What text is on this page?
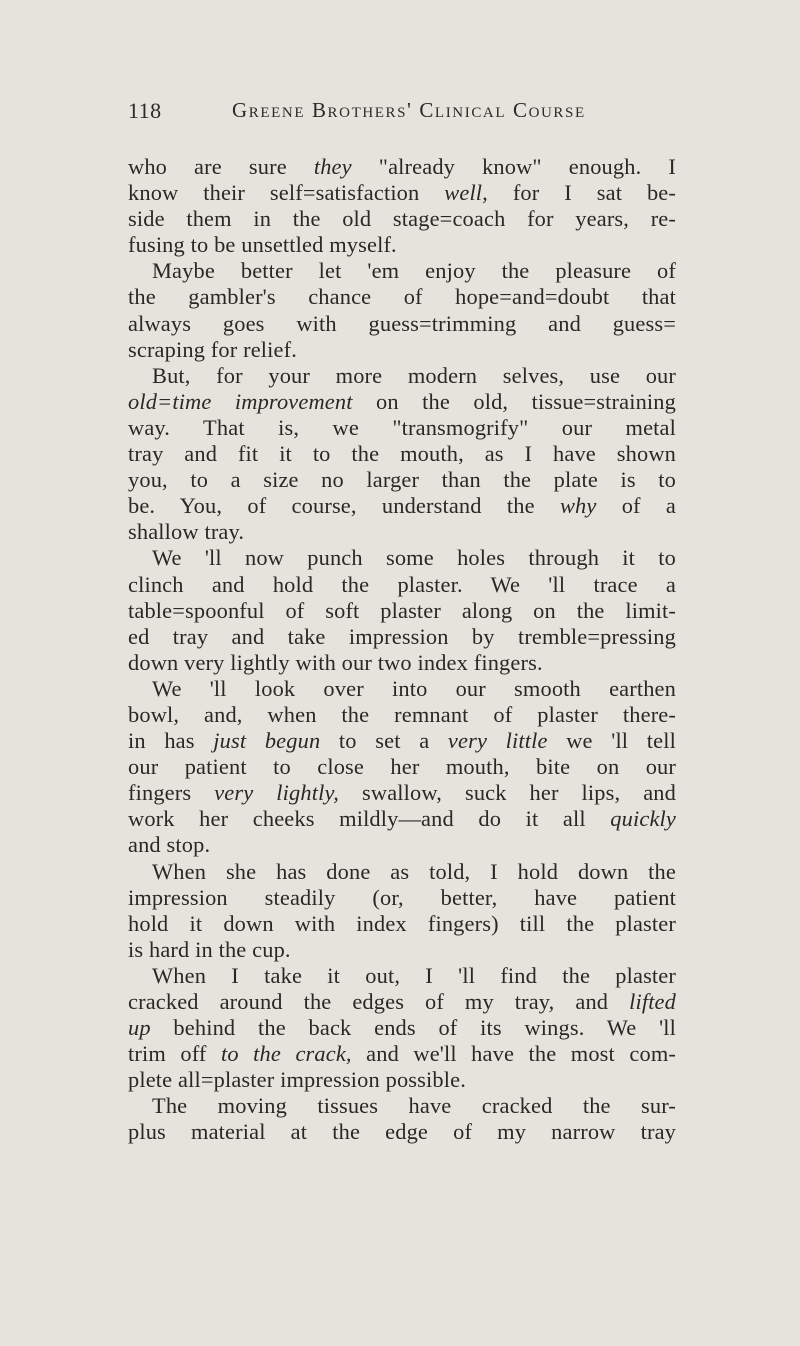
118	Greene Brothers' Clinical Course
who are sure they "already know" enough. I
know their self=satisfaction well, for I sat be-
side them in the old stage=coach for years, re-
fusing to be unsettled myself.
Maybe better let 'em enjoy the pleasure of
the gambler's chance of hope=and=doubt that
always goes with guess=trimming and guess=
scraping for relief.
But, for your more modern selves, use our
old=time improvement on the old, tissue=straining
way. That is, we "transmogrify" our metal
tray and fit it to the mouth, as I have shown
you, to a size no larger than the plate is to
be. You, of course, understand the why of a
shallow tray.
We 'll now punch some holes through it to
clinch and hold the plaster. We 'll trace a
table=spoonful of soft plaster along on the limit-
ed tray and take impression by tremble=pressing
down very lightly with our two index fingers.
We 'll look over into our smooth earthen
bowl, and, when the remnant of plaster there-
in has just begun to set a very little we 'll tell
our patient to close her mouth, bite on our
fingers very lightly, swallow, suck her lips, and
work her cheeks mildly—and do it all quickly
and stop.
When she has done as told, I hold down the
impression steadily (or, better, have patient
hold it down with index fingers) till the plaster
is hard in the cup.
When I take it out, I 'll find the plaster
cracked around the edges of my tray, and lifted
up behind the back ends of its wings. We 'll
trim off to the crack, and we'll have the most com-
plete all=plaster impression possible.
The moving tissues have cracked the sur-
plus material at the edge of my narrow tray
